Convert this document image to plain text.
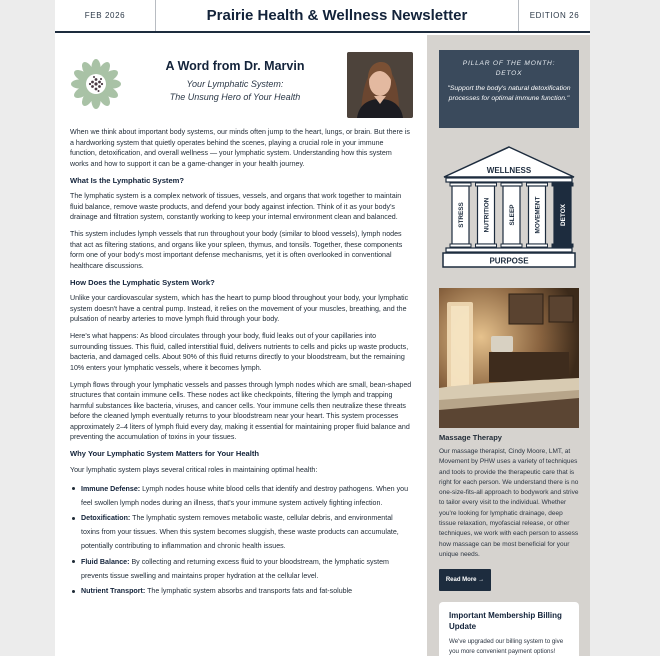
FEB 2026	Prairie Health & Wellness Newsletter	EDITION 26
A Word from Dr. Marvin

Your Lymphatic System:
The Unsung Hero of Your Health

When we think about important body systems, our minds often jump to the heart, lungs, or brain. But there is a hardworking system that quietly operates behind the scenes, playing a crucial role in your immune function, detoxification, and overall wellness — your lymphatic system. Understanding how this system works and how to support it can be a game-changer in your health journey.

What Is the Lymphatic System?

The lymphatic system is a complex network of tissues, vessels, and organs that work together to maintain fluid balance, remove waste products, and defend your body against infection. Think of it as your body's drainage and filtration system, constantly working to keep your internal environment clean and balanced.

This system includes lymph vessels that run throughout your body (similar to blood vessels), lymph nodes that act as filtering stations, and organs like your spleen, thymus, and tonsils. Together, these components form one of your body's most important defense mechanisms, yet it is often overlooked in conventional healthcare discussions.

How Does the Lymphatic System Work?

Unlike your cardiovascular system, which has the heart to pump blood throughout your body, your lymphatic system doesn't have a central pump. Instead, it relies on the movement of your muscles, breathing, and the pulsation of nearby arteries to move lymph fluid through your body.

Here's what happens: As blood circulates through your body, fluid leaks out of your capillaries into surrounding tissues. This fluid, called interstitial fluid, delivers nutrients to cells and picks up waste products, bacteria, and damaged cells. About 90% of this fluid returns directly to your bloodstream, but the remaining 10% enters your lymphatic vessels, where it becomes lymph.

Lymph flows through your lymphatic vessels and passes through lymph nodes which are small, bean-shaped structures that contain immune cells. These nodes act like checkpoints, filtering the lymph and trapping harmful substances like bacteria, viruses, and cancer cells. Your immune cells then neutralize these threats before the cleaned lymph eventually returns to your bloodstream near your heart. This system processes approximately 2–4 liters of lymph fluid every day, making it essential for maintaining proper fluid balance and preventing the accumulation of toxins in your tissues.

Why Your Lymphatic System Matters for Your Health

Your lymphatic system plays several critical roles in maintaining optimal health:

Immune Defense: Lymph nodes house white blood cells that identify and destroy pathogens. When you feel swollen lymph nodes during an illness, that's your immune system actively fighting infection.
Detoxification: The lymphatic system removes metabolic waste, cellular debris, and environmental toxins from your tissues. When this system becomes sluggish, these waste products can accumulate, potentially contributing to inflammation and chronic health issues.
Fluid Balance: By collecting and returning excess fluid to your bloodstream, the lymphatic system prevents tissue swelling and maintains proper hydration at the cellular level.
Nutrient Transport: The lymphatic system absorbs and transports fats and fat-soluble
PILLAR OF THE MONTH:
DETOX
"Support the body's natural detoxification processes for optimal immune function."
WELLNESS
STRESS	NUTRITION	SLEEP	MOVEMENT	DETOX
PURPOSE
Massage Therapy
Our massage therapist, Cindy Moore, LMT, at Movement by PHW uses a variety of techniques and tools to provide the therapeutic care that is right for each person. We understand there is no one-size-fits-all approach to bodywork and strive to tailor every visit to the individual. Whether you're looking for lymphatic drainage, deep tissue relaxation, myofascial release, or other techniques, we work with each person to assess how massage can be most beneficial for your unique needs.
Read More →
Important Membership Billing Update
We've upgraded our billing system to give you more convenient payment options!
